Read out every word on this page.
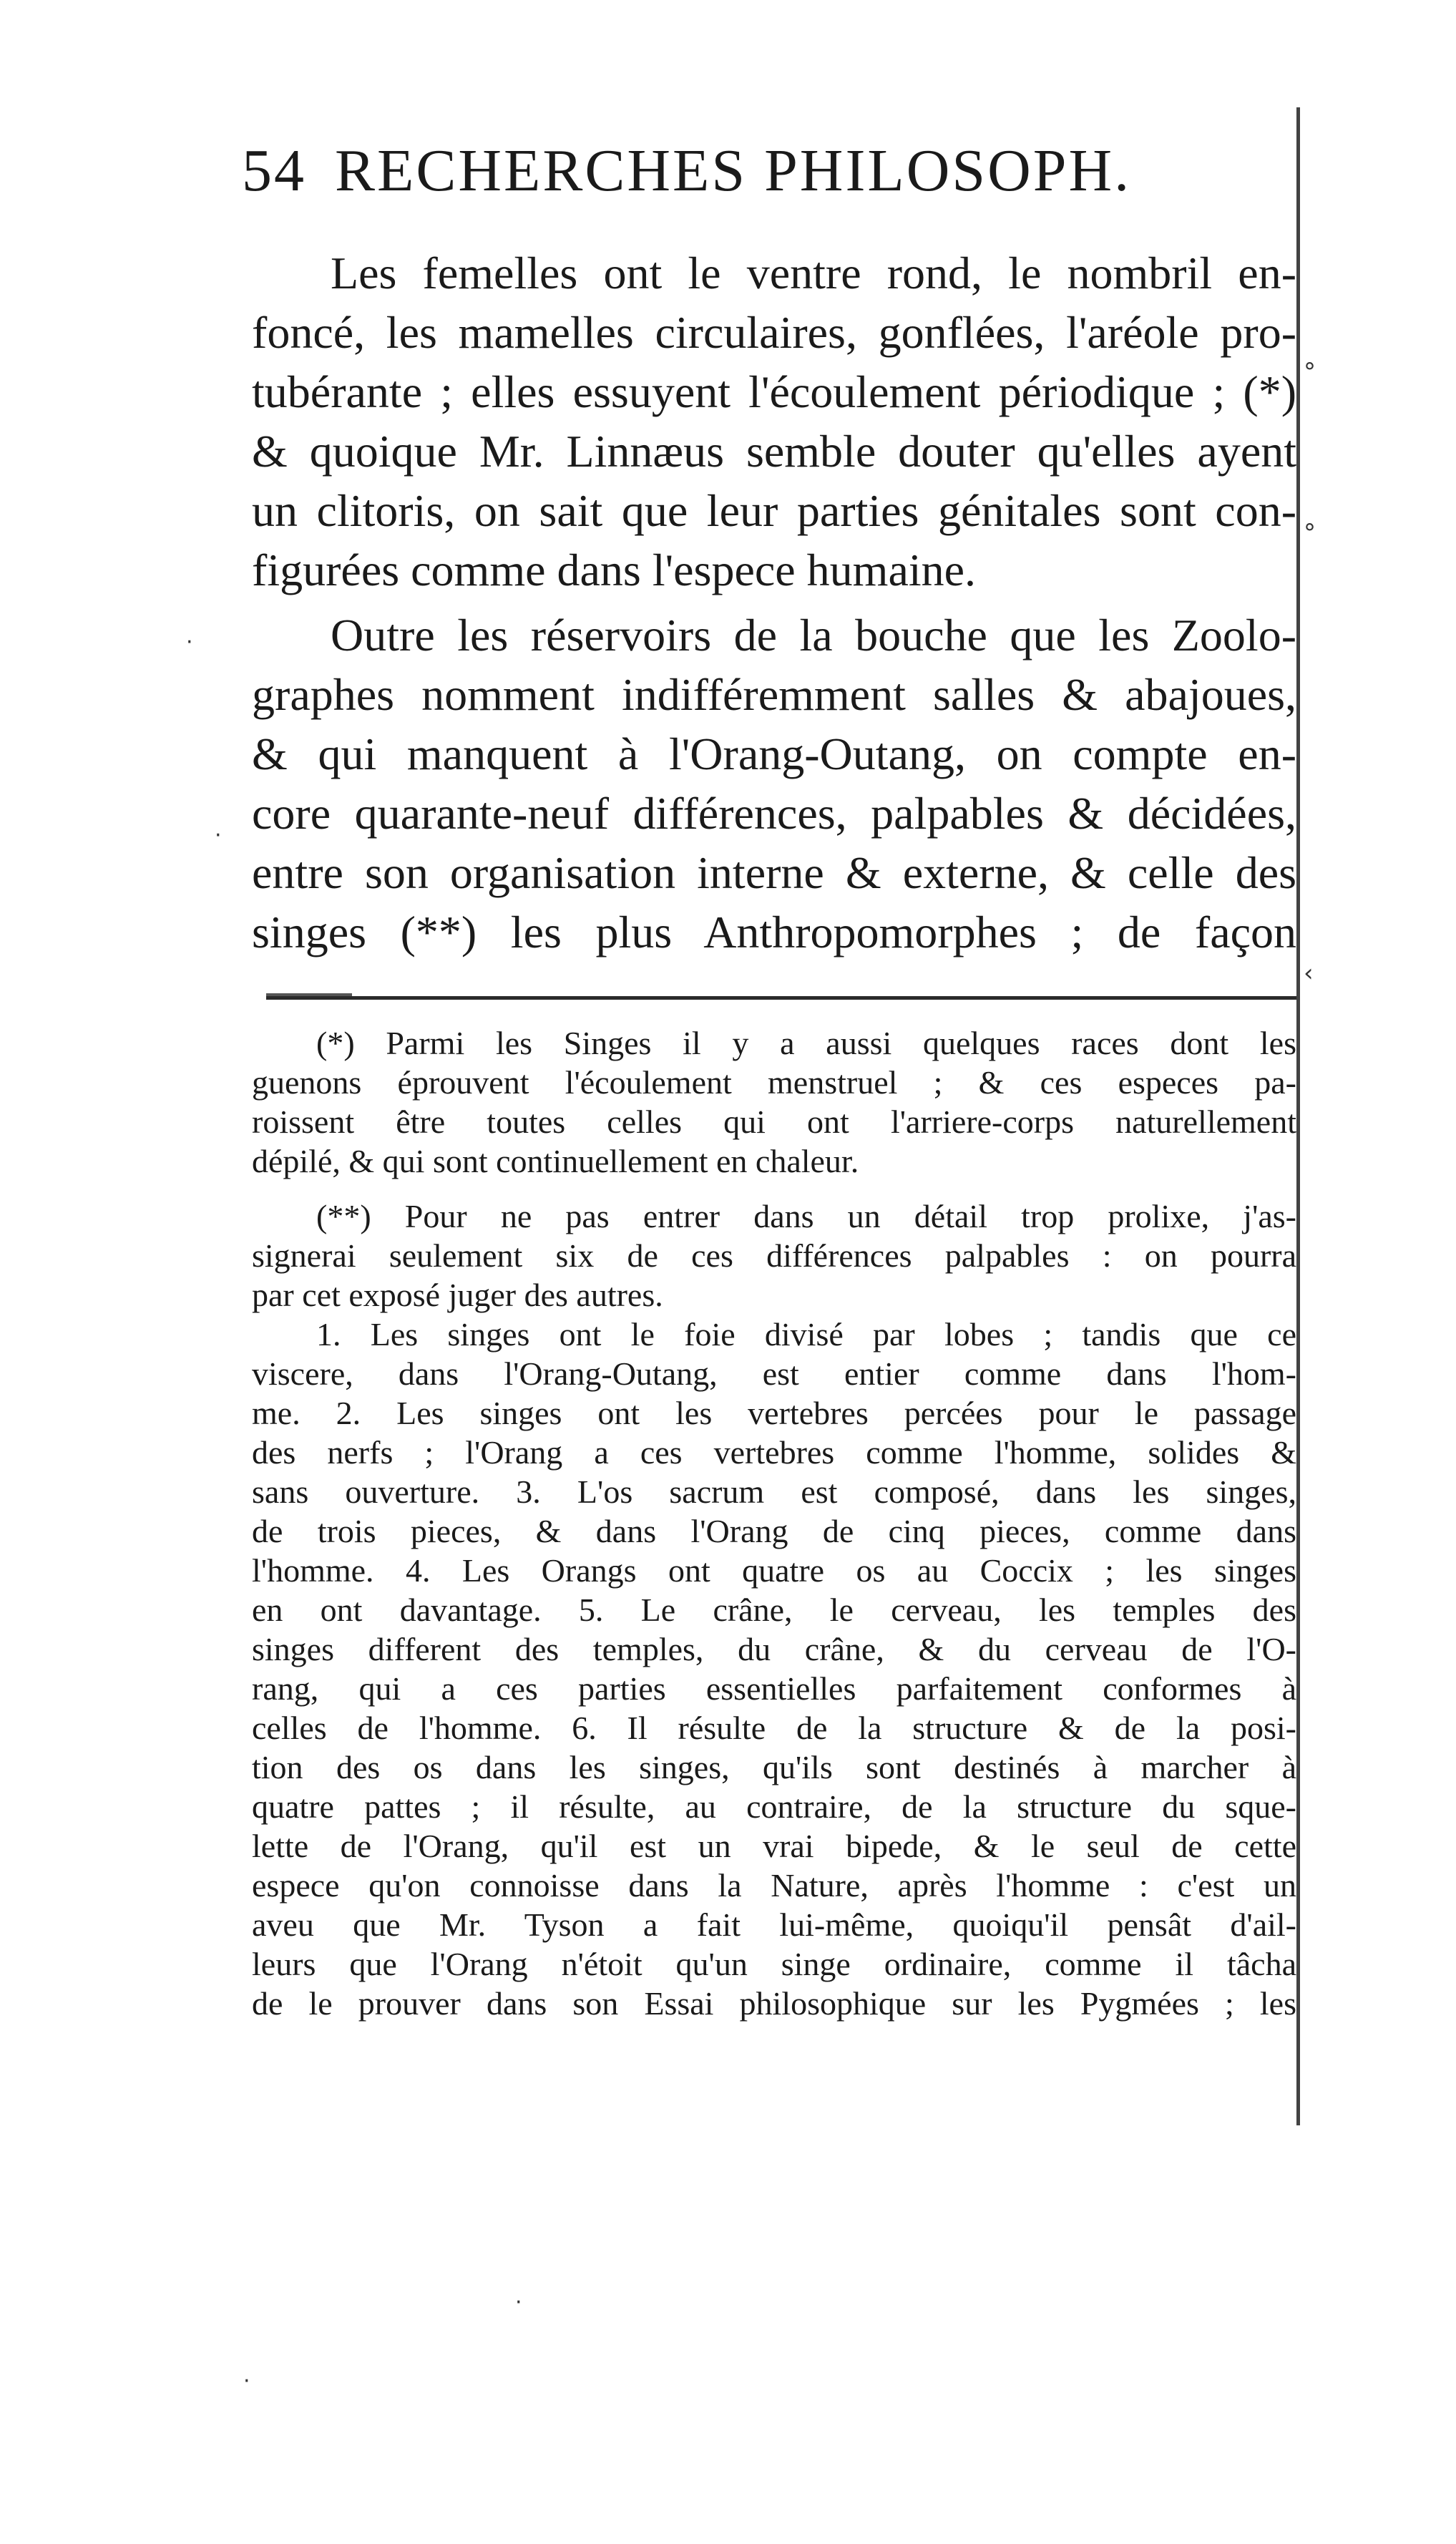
°
°
‹
54 RECHERCHES PHILOSOPH.

Les femelles ont le ventre rond, le nombril en-
foncé, les mamelles circulaires, gonflées, l'aréole pro-
tubérante ; elles essuyent l'écoulement périodique ; (*)
& quoique Mr. Linnæus semble douter qu'elles ayent
un clitoris, on sait que leur parties génitales sont con-
figurées comme dans l'espece humaine.

Outre les réservoirs de la bouche que les Zoolo-
graphes nomment indifféremment salles & abajoues,
& qui manquent à l'Orang-Outang, on compte en-
core quarante-neuf différences, palpables & décidées,
entre son organisation interne & externe, & celle des
singes (**) les plus Anthropomorphes ; de façon

(*) Parmi les Singes il y a aussi quelques races dont les
guenons éprouvent l'écoulement menstruel ; & ces especes pa-
roissent être toutes celles qui ont l'arriere-corps naturellement
dépilé, & qui sont continuellement en chaleur.
(**) Pour ne pas entrer dans un détail trop prolixe, j'as-
signerai seulement six de ces différences palpables : on pourra
par cet exposé juger des autres.
1. Les singes ont le foie divisé par lobes ; tandis que ce
viscere, dans l'Orang-Outang, est entier comme dans l'hom-
me. 2. Les singes ont les vertebres percées pour le passage
des nerfs ; l'Orang a ces vertebres comme l'homme, solides &
sans ouverture. 3. L'os sacrum est composé, dans les singes,
de trois pieces, & dans l'Orang de cinq pieces, comme dans
l'homme. 4. Les Orangs ont quatre os au Coccix ; les singes
en ont davantage. 5. Le crâne, le cerveau, les temples des
singes different des temples, du crâne, & du cerveau de l'O-
rang, qui a ces parties essentielles parfaitement conformes à
celles de l'homme. 6. Il résulte de la structure & de la posi-
tion des os dans les singes, qu'ils sont destinés à marcher à
quatre pattes ; il résulte, au contraire, de la structure du sque-
lette de l'Orang, qu'il est un vrai bipede, & le seul de cette
espece qu'on connoisse dans la Nature, après l'homme : c'est un
aveu que Mr. Tyson a fait lui-même, quoiqu'il pensât d'ail-
leurs que l'Orang n'étoit qu'un singe ordinaire, comme il tâcha
de le prouver dans son Essai philosophique sur les Pygmées ; les
·
·
·
·
